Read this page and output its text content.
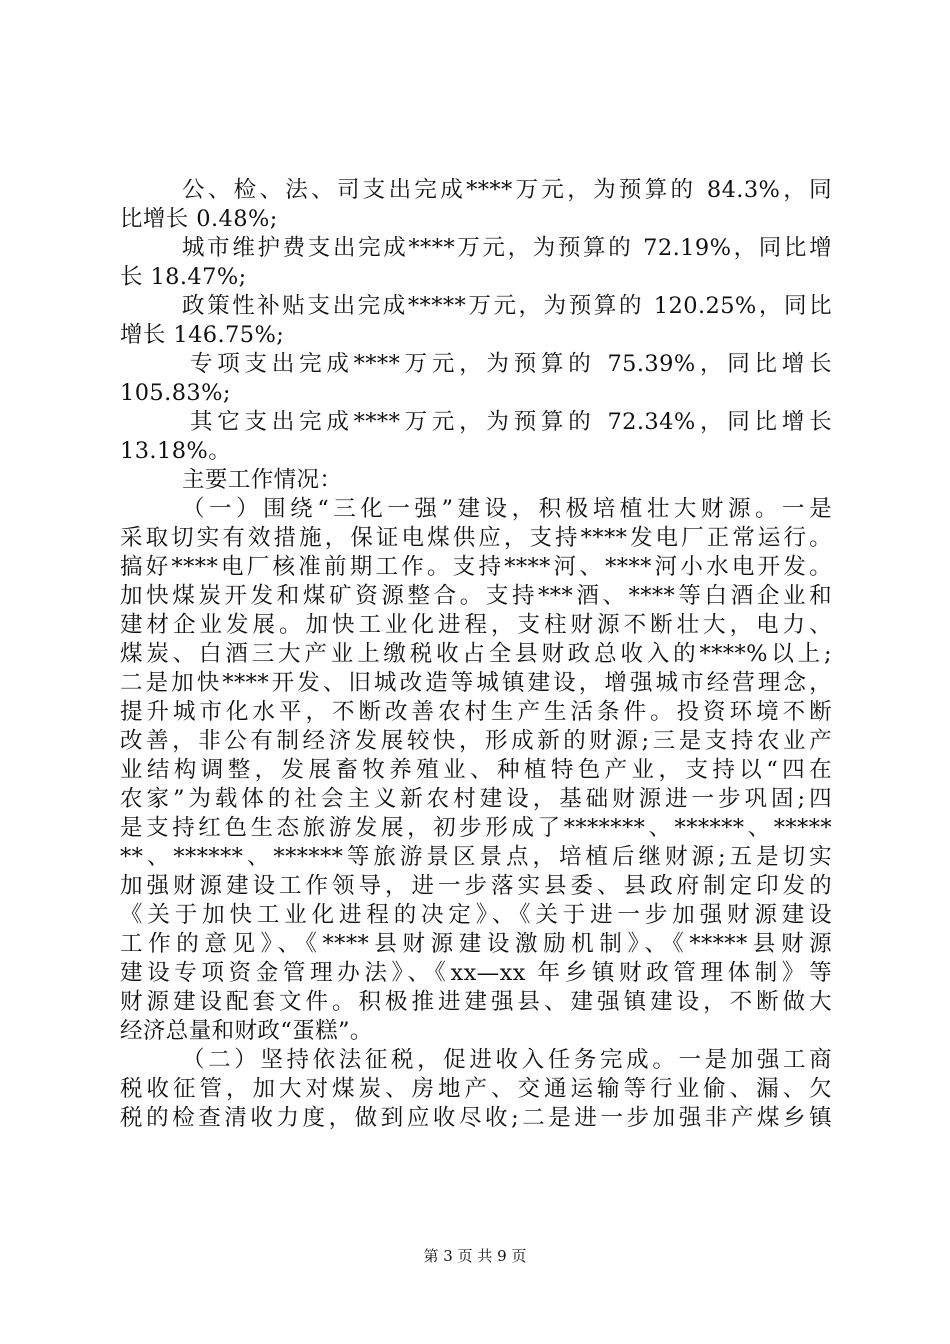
公、检、法、司支出完成****万元，为预算的 84.3%，同
比增长 0.48%;

城市维护费支出完成****万元，为预算的 72.19%，同比增
长 18.47%;

政策性补贴支出完成*****万元，为预算的 120.25%，同比
增长 146.75%;

专项支出完成****万元，为预算的 75.39%，同比增长
105.83%;

其它支出完成****万元，为预算的 72.34%，同比增长
13.18%。

主要工作情况：

（一）围绕“三化一强”建设，积极培植壮大财源。一是
采取切实有效措施，保证电煤供应，支持****发电厂正常运行。
搞好****电厂核准前期工作。支持****河、****河小水电开发。
加快煤炭开发和煤矿资源整合。支持***酒、****等白酒企业和
建材企业发展。加快工业化进程，支柱财源不断壮大，电力、
煤炭、白酒三大产业上缴税收占全县财政总收入的****%以上;
二是加快****开发、旧城改造等城镇建设，增强城市经营理念，
提升城市化水平，不断改善农村生产生活条件。投资环境不断
改善，非公有制经济发展较快，形成新的财源;三是支持农业产
业结构调整，发展畜牧养殖业、种植特色产业，支持以“四在
农家”为载体的社会主义新农村建设，基础财源进一步巩固;四
是支持红色生态旅游发展，初步形成了*******、******、*****
**、******、******等旅游景区景点，培植后继财源;五是切实
加强财源建设工作领导，进一步落实县委、县政府制定印发的
《关于加快工业化进程的决定》、《关于进一步加强财源建设
工作的意见》、《****县财源建设激励机制》、《*****县财源
建设专项资金管理办法》、《xx—xx 年乡镇财政管理体制》等
财源建设配套文件。积极推进建强县、建强镇建设，不断做大
经济总量和财政“蛋糕”。

（二）坚持依法征税，促进收入任务完成。一是加强工商
税收征管，加大对煤炭、房地产、交通运输等行业偷、漏、欠
税的检查清收力度，做到应收尽收;二是进一步加强非产煤乡镇

第 3 页 共 9 页
